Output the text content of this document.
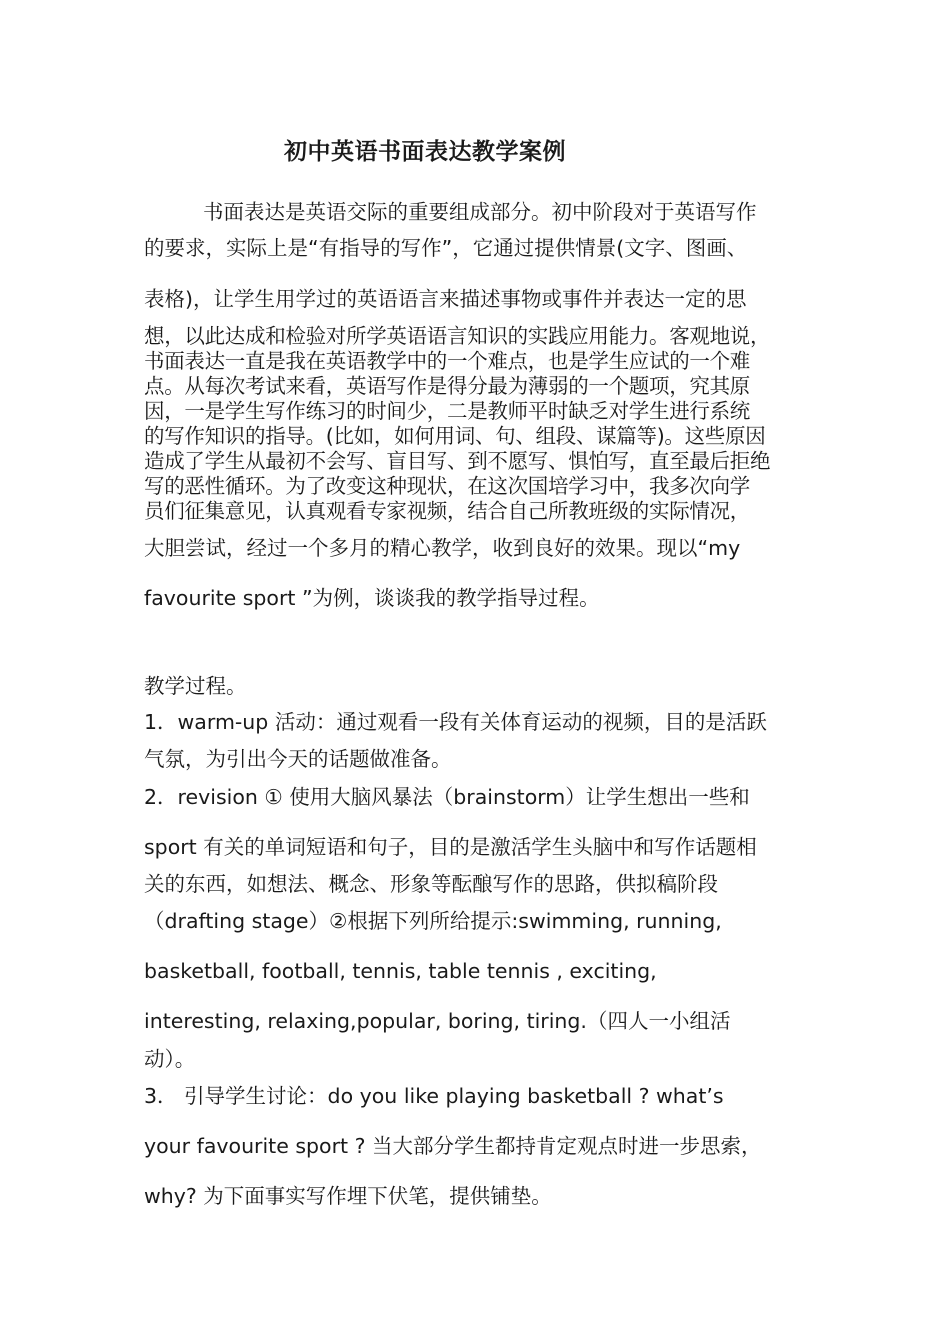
初中英语书面表达教学案例
书面表达是英语交际的重要组成部分。初中阶段对于英语写作
的要求，实际上是“有指导的写作”，它通过提供情景(文字、图画、
表格)，让学生用学过的英语语言来描述事物或事件并表达一定的思
想，以此达成和检验对所学英语语言知识的实践应用能力。客观地说，
书面表达一直是我在英语教学中的一个难点，也是学生应试的一个难
点。从每次考试来看，英语写作是得分最为薄弱的一个题项，究其原
因，一是学生写作练习的时间少，二是教师平时缺乏对学生进行系统
的写作知识的指导。(比如，如何用词、句、组段、谋篇等)。这些原因
造成了学生从最初不会写、盲目写、到不愿写、惧怕写，直至最后拒绝
写的恶性循环。为了改变这种现状，在这次国培学习中，我多次向学
员们征集意见，认真观看专家视频，结合自己所教班级的实际情况，
大胆尝试，经过一个多月的精心教学，收到良好的效果。现以“my
favourite sport ”为例，谈谈我的教学指导过程。
教学过程。
1．warm-up 活动：通过观看一段有关体育运动的视频，目的是活跃
气氛，为引出今天的话题做准备。
2．revision ① 使用大脑风暴法（brainstorm）让学生想出一些和
sport 有关的单词短语和句子，目的是激活学生头脑中和写作话题相
关的东西，如想法、概念、形象等酝酿写作的思路，供拟稿阶段
（drafting stage）②根据下列所给提示:swimming, running,
basketball, football, tennis, table tennis , exciting,
interesting, relaxing,popular, boring, tiring.（四人一小组活
动）。
3． 引导学生讨论：do you like playing basketball ? what’s
your favourite sport ? 当大部分学生都持肯定观点时进一步思索，
why? 为下面事实写作埋下伏笔，提供铺垫。
